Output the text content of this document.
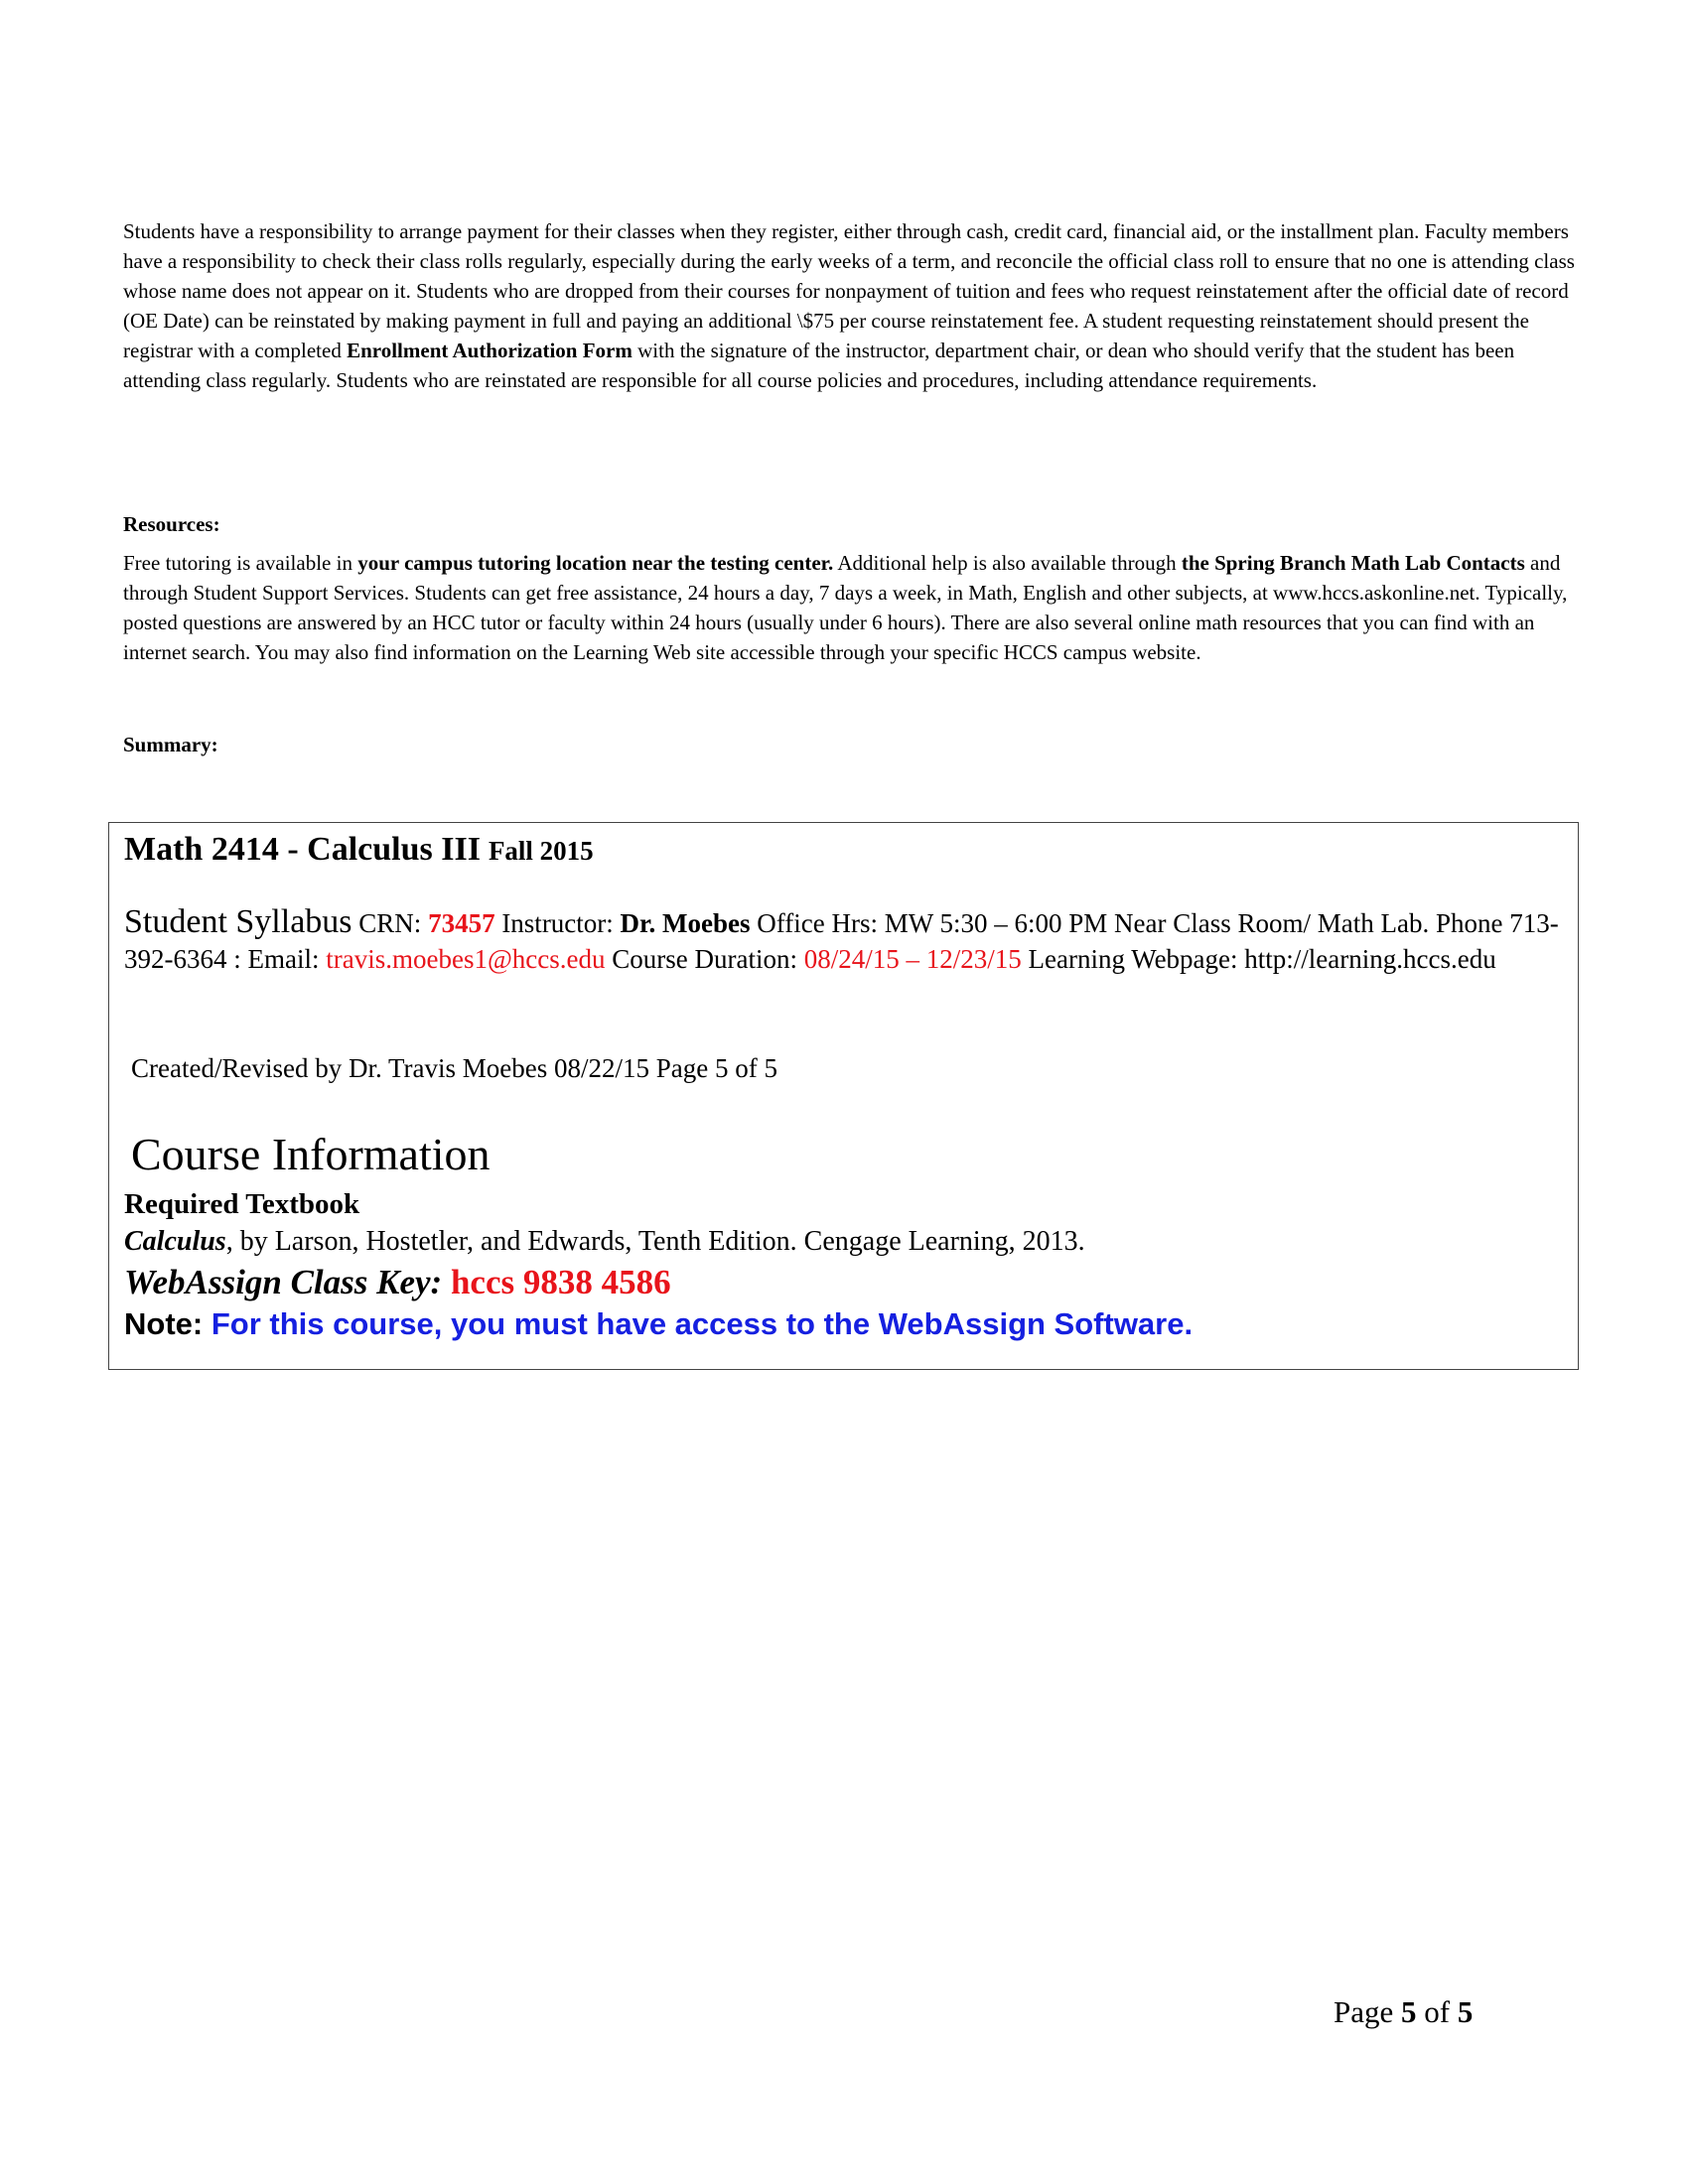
Students have a responsibility to arrange payment for their classes when they register, either through cash, credit card, financial aid, or the installment plan. Faculty members have a responsibility to check their class rolls regularly, especially during the early weeks of a term, and reconcile the official class roll to ensure that no one is attending class whose name does not appear on it. Students who are dropped from their courses for nonpayment of tuition and fees who request reinstatement after the official date of record (OE Date) can be reinstated by making payment in full and paying an additional \$75 per course reinstatement fee. A student requesting reinstatement should present the registrar with a completed Enrollment Authorization Form with the signature of the instructor, department chair, or dean who should verify that the student has been attending class regularly. Students who are reinstated are responsible for all course policies and procedures, including attendance requirements.

Resources:

Free tutoring is available in your campus tutoring location near the testing center. Additional help is also available through the Spring Branch Math Lab Contacts and through Student Support Services. Students can get free assistance, 24 hours a day, 7 days a week, in Math, English and other subjects, at www.hccs.askonline.net. Typically, posted questions are answered by an HCC tutor or faculty within 24 hours (usually under 6 hours). There are also several online math resources that you can find with an internet search. You may also find information on the Learning Web site accessible through your specific HCCS campus website.

Summary:
Math 2414 - Calculus III Fall 2015

Student Syllabus CRN: 73457 Instructor: Dr. Moebes Office Hrs: MW 5:30 – 6:00 PM Near Class Room/ Math Lab. Phone 713-392-6364 : Email: travis.moebes1@hccs.edu Course Duration: 08/24/15 – 12/23/15 Learning Webpage: http://learning.hccs.edu

Created/Revised by Dr. Travis Moebes 08/22/15 Page 5 of 5

Course Information
Required Textbook

Calculus, by Larson, Hostetler, and Edwards, Tenth Edition. Cengage Learning, 2013.

WebAssign Class Key: hccs 9838 4586

Note: For this course, you must have access to the WebAssign Software.

Page 5 of 5
